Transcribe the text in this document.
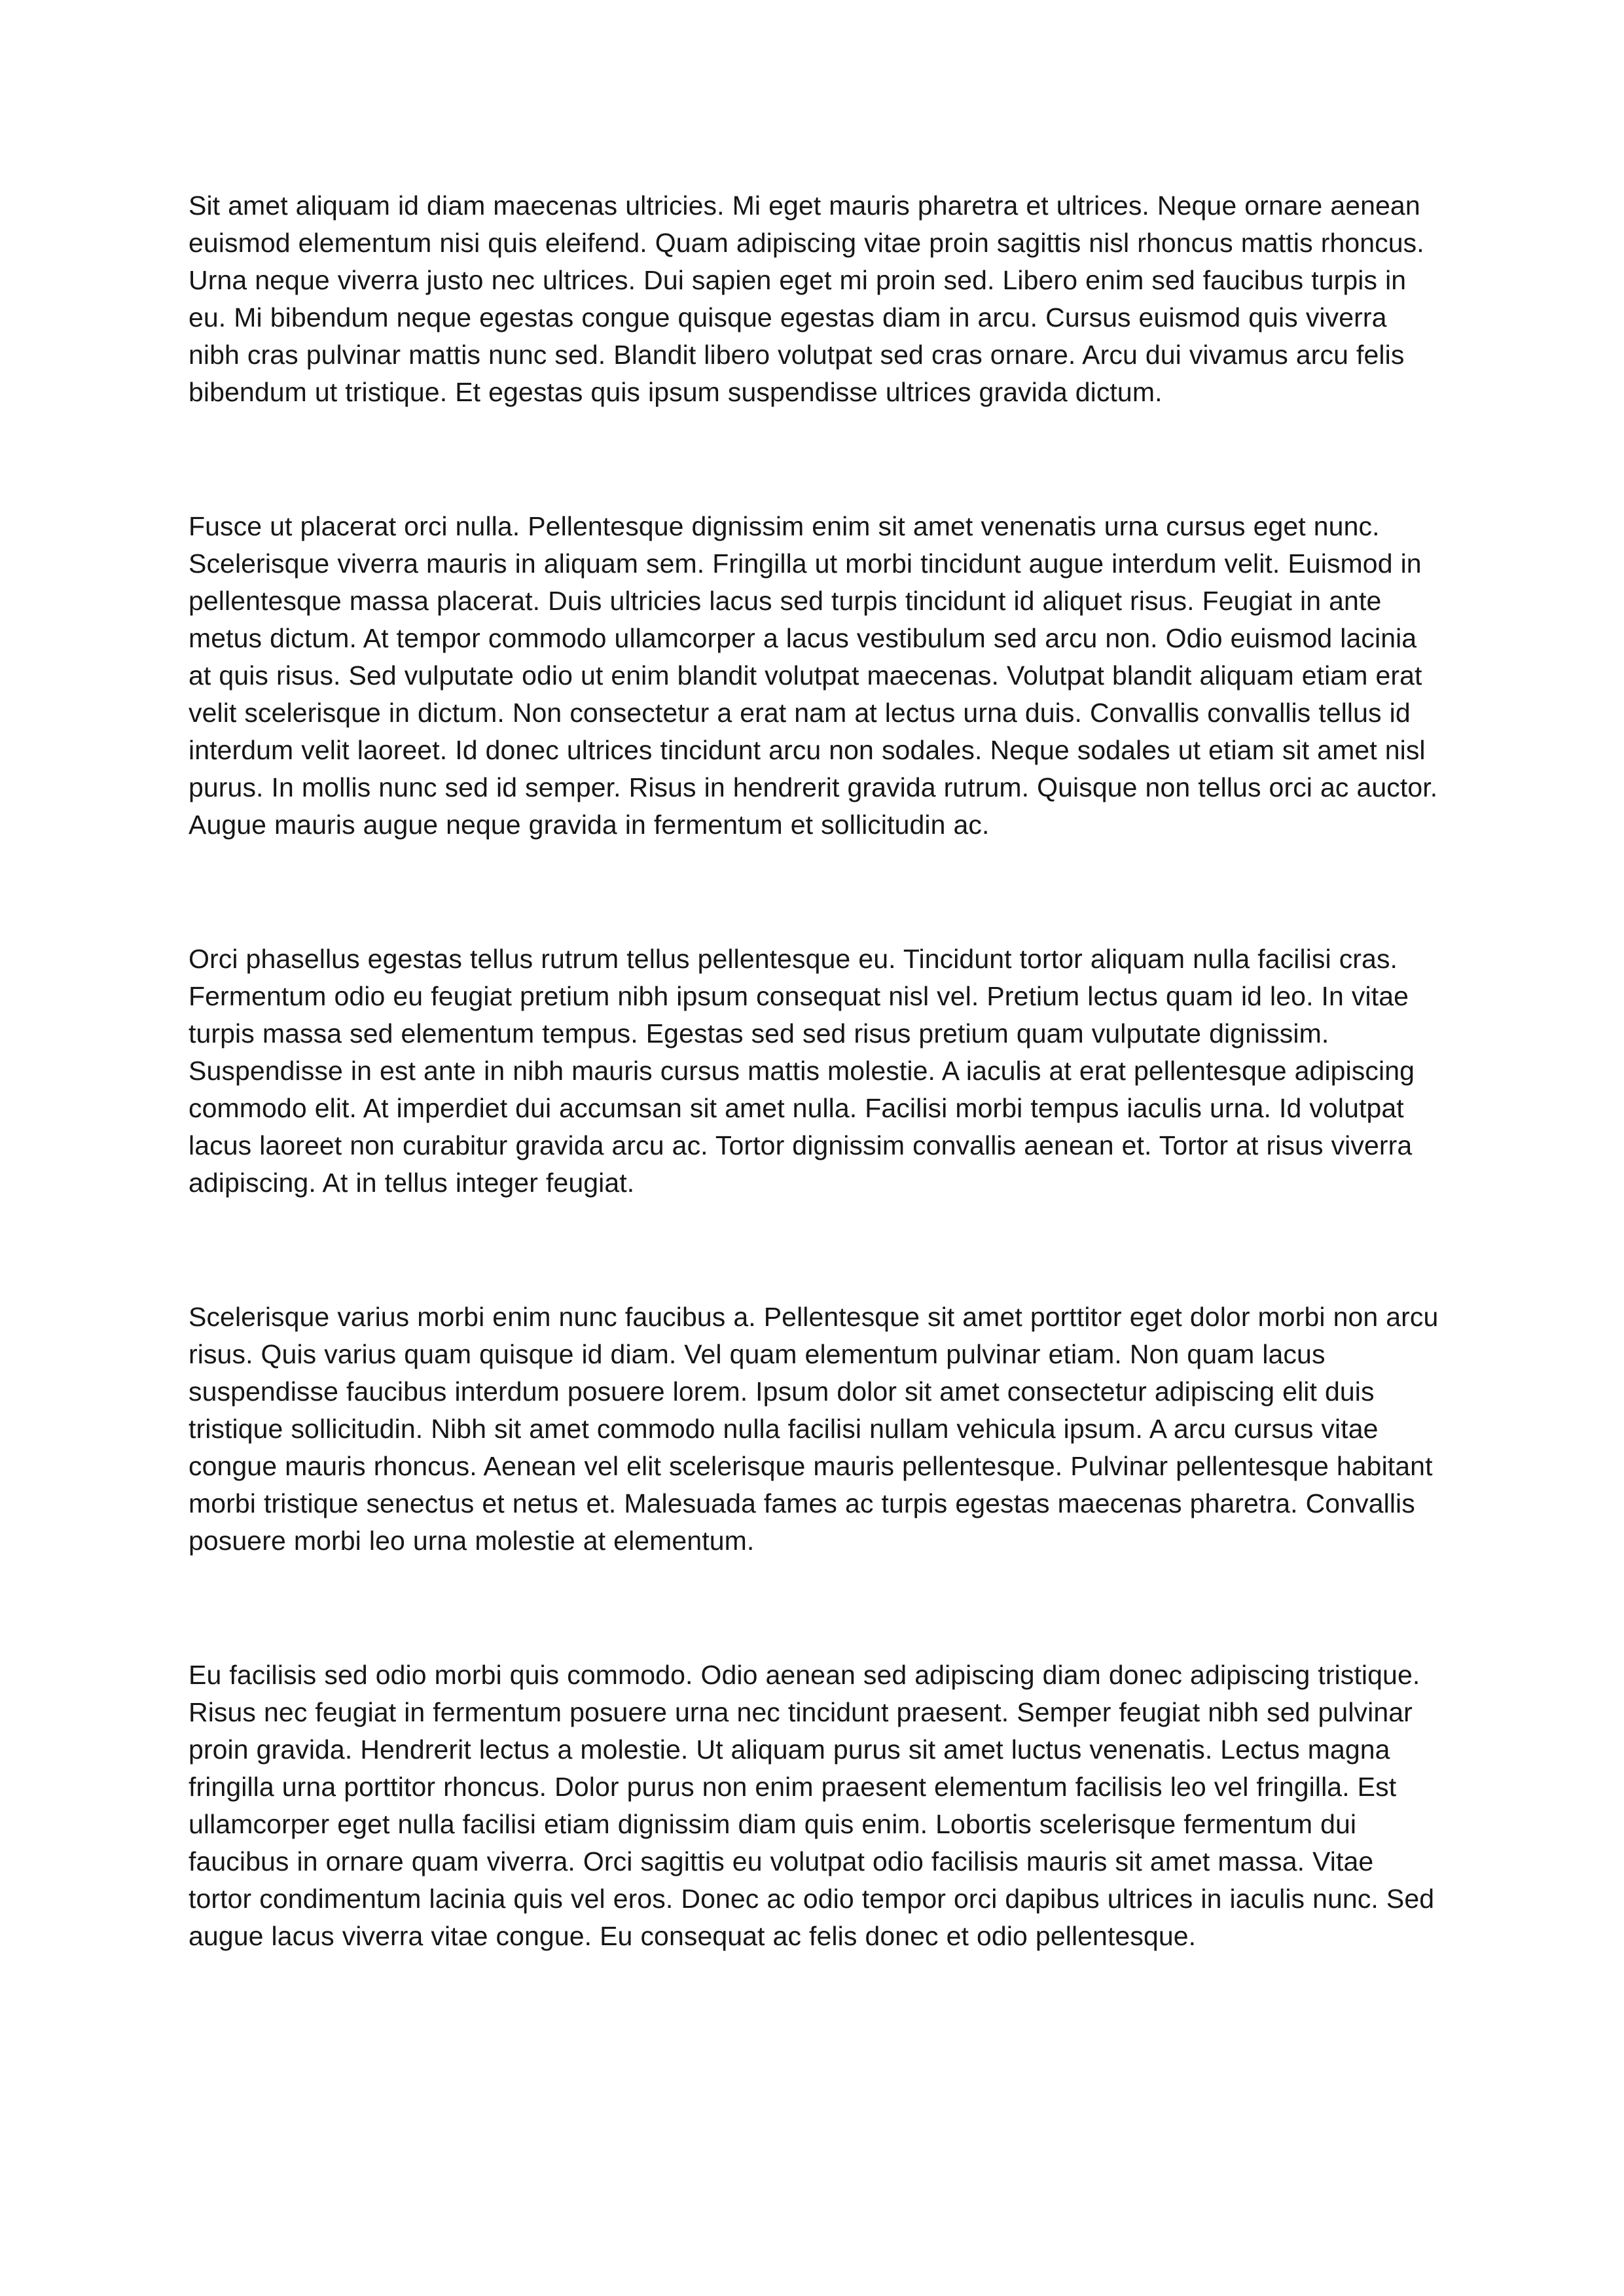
Sit amet aliquam id diam maecenas ultricies. Mi eget mauris pharetra et ultrices. Neque ornare aenean euismod elementum nisi quis eleifend. Quam adipiscing vitae proin sagittis nisl rhoncus mattis rhoncus. Urna neque viverra justo nec ultrices. Dui sapien eget mi proin sed. Libero enim sed faucibus turpis in eu. Mi bibendum neque egestas congue quisque egestas diam in arcu. Cursus euismod quis viverra nibh cras pulvinar mattis nunc sed. Blandit libero volutpat sed cras ornare. Arcu dui vivamus arcu felis bibendum ut tristique. Et egestas quis ipsum suspendisse ultrices gravida dictum.

Fusce ut placerat orci nulla. Pellentesque dignissim enim sit amet venenatis urna cursus eget nunc. Scelerisque viverra mauris in aliquam sem. Fringilla ut morbi tincidunt augue interdum velit. Euismod in pellentesque massa placerat. Duis ultricies lacus sed turpis tincidunt id aliquet risus. Feugiat in ante metus dictum. At tempor commodo ullamcorper a lacus vestibulum sed arcu non. Odio euismod lacinia at quis risus. Sed vulputate odio ut enim blandit volutpat maecenas. Volutpat blandit aliquam etiam erat velit scelerisque in dictum. Non consectetur a erat nam at lectus urna duis. Convallis convallis tellus id interdum velit laoreet. Id donec ultrices tincidunt arcu non sodales. Neque sodales ut etiam sit amet nisl purus. In mollis nunc sed id semper. Risus in hendrerit gravida rutrum. Quisque non tellus orci ac auctor. Augue mauris augue neque gravida in fermentum et sollicitudin ac.

Orci phasellus egestas tellus rutrum tellus pellentesque eu. Tincidunt tortor aliquam nulla facilisi cras. Fermentum odio eu feugiat pretium nibh ipsum consequat nisl vel. Pretium lectus quam id leo. In vitae turpis massa sed elementum tempus. Egestas sed sed risus pretium quam vulputate dignissim. Suspendisse in est ante in nibh mauris cursus mattis molestie. A iaculis at erat pellentesque adipiscing commodo elit. At imperdiet dui accumsan sit amet nulla. Facilisi morbi tempus iaculis urna. Id volutpat lacus laoreet non curabitur gravida arcu ac. Tortor dignissim convallis aenean et. Tortor at risus viverra adipiscing. At in tellus integer feugiat.

Scelerisque varius morbi enim nunc faucibus a. Pellentesque sit amet porttitor eget dolor morbi non arcu risus. Quis varius quam quisque id diam. Vel quam elementum pulvinar etiam. Non quam lacus suspendisse faucibus interdum posuere lorem. Ipsum dolor sit amet consectetur adipiscing elit duis tristique sollicitudin. Nibh sit amet commodo nulla facilisi nullam vehicula ipsum. A arcu cursus vitae congue mauris rhoncus. Aenean vel elit scelerisque mauris pellentesque. Pulvinar pellentesque habitant morbi tristique senectus et netus et. Malesuada fames ac turpis egestas maecenas pharetra. Convallis posuere morbi leo urna molestie at elementum.

Eu facilisis sed odio morbi quis commodo. Odio aenean sed adipiscing diam donec adipiscing tristique. Risus nec feugiat in fermentum posuere urna nec tincidunt praesent. Semper feugiat nibh sed pulvinar proin gravida. Hendrerit lectus a molestie. Ut aliquam purus sit amet luctus venenatis. Lectus magna fringilla urna porttitor rhoncus. Dolor purus non enim praesent elementum facilisis leo vel fringilla. Est ullamcorper eget nulla facilisi etiam dignissim diam quis enim. Lobortis scelerisque fermentum dui faucibus in ornare quam viverra. Orci sagittis eu volutpat odio facilisis mauris sit amet massa. Vitae tortor condimentum lacinia quis vel eros. Donec ac odio tempor orci dapibus ultrices in iaculis nunc. Sed augue lacus viverra vitae congue. Eu consequat ac felis donec et odio pellentesque.
